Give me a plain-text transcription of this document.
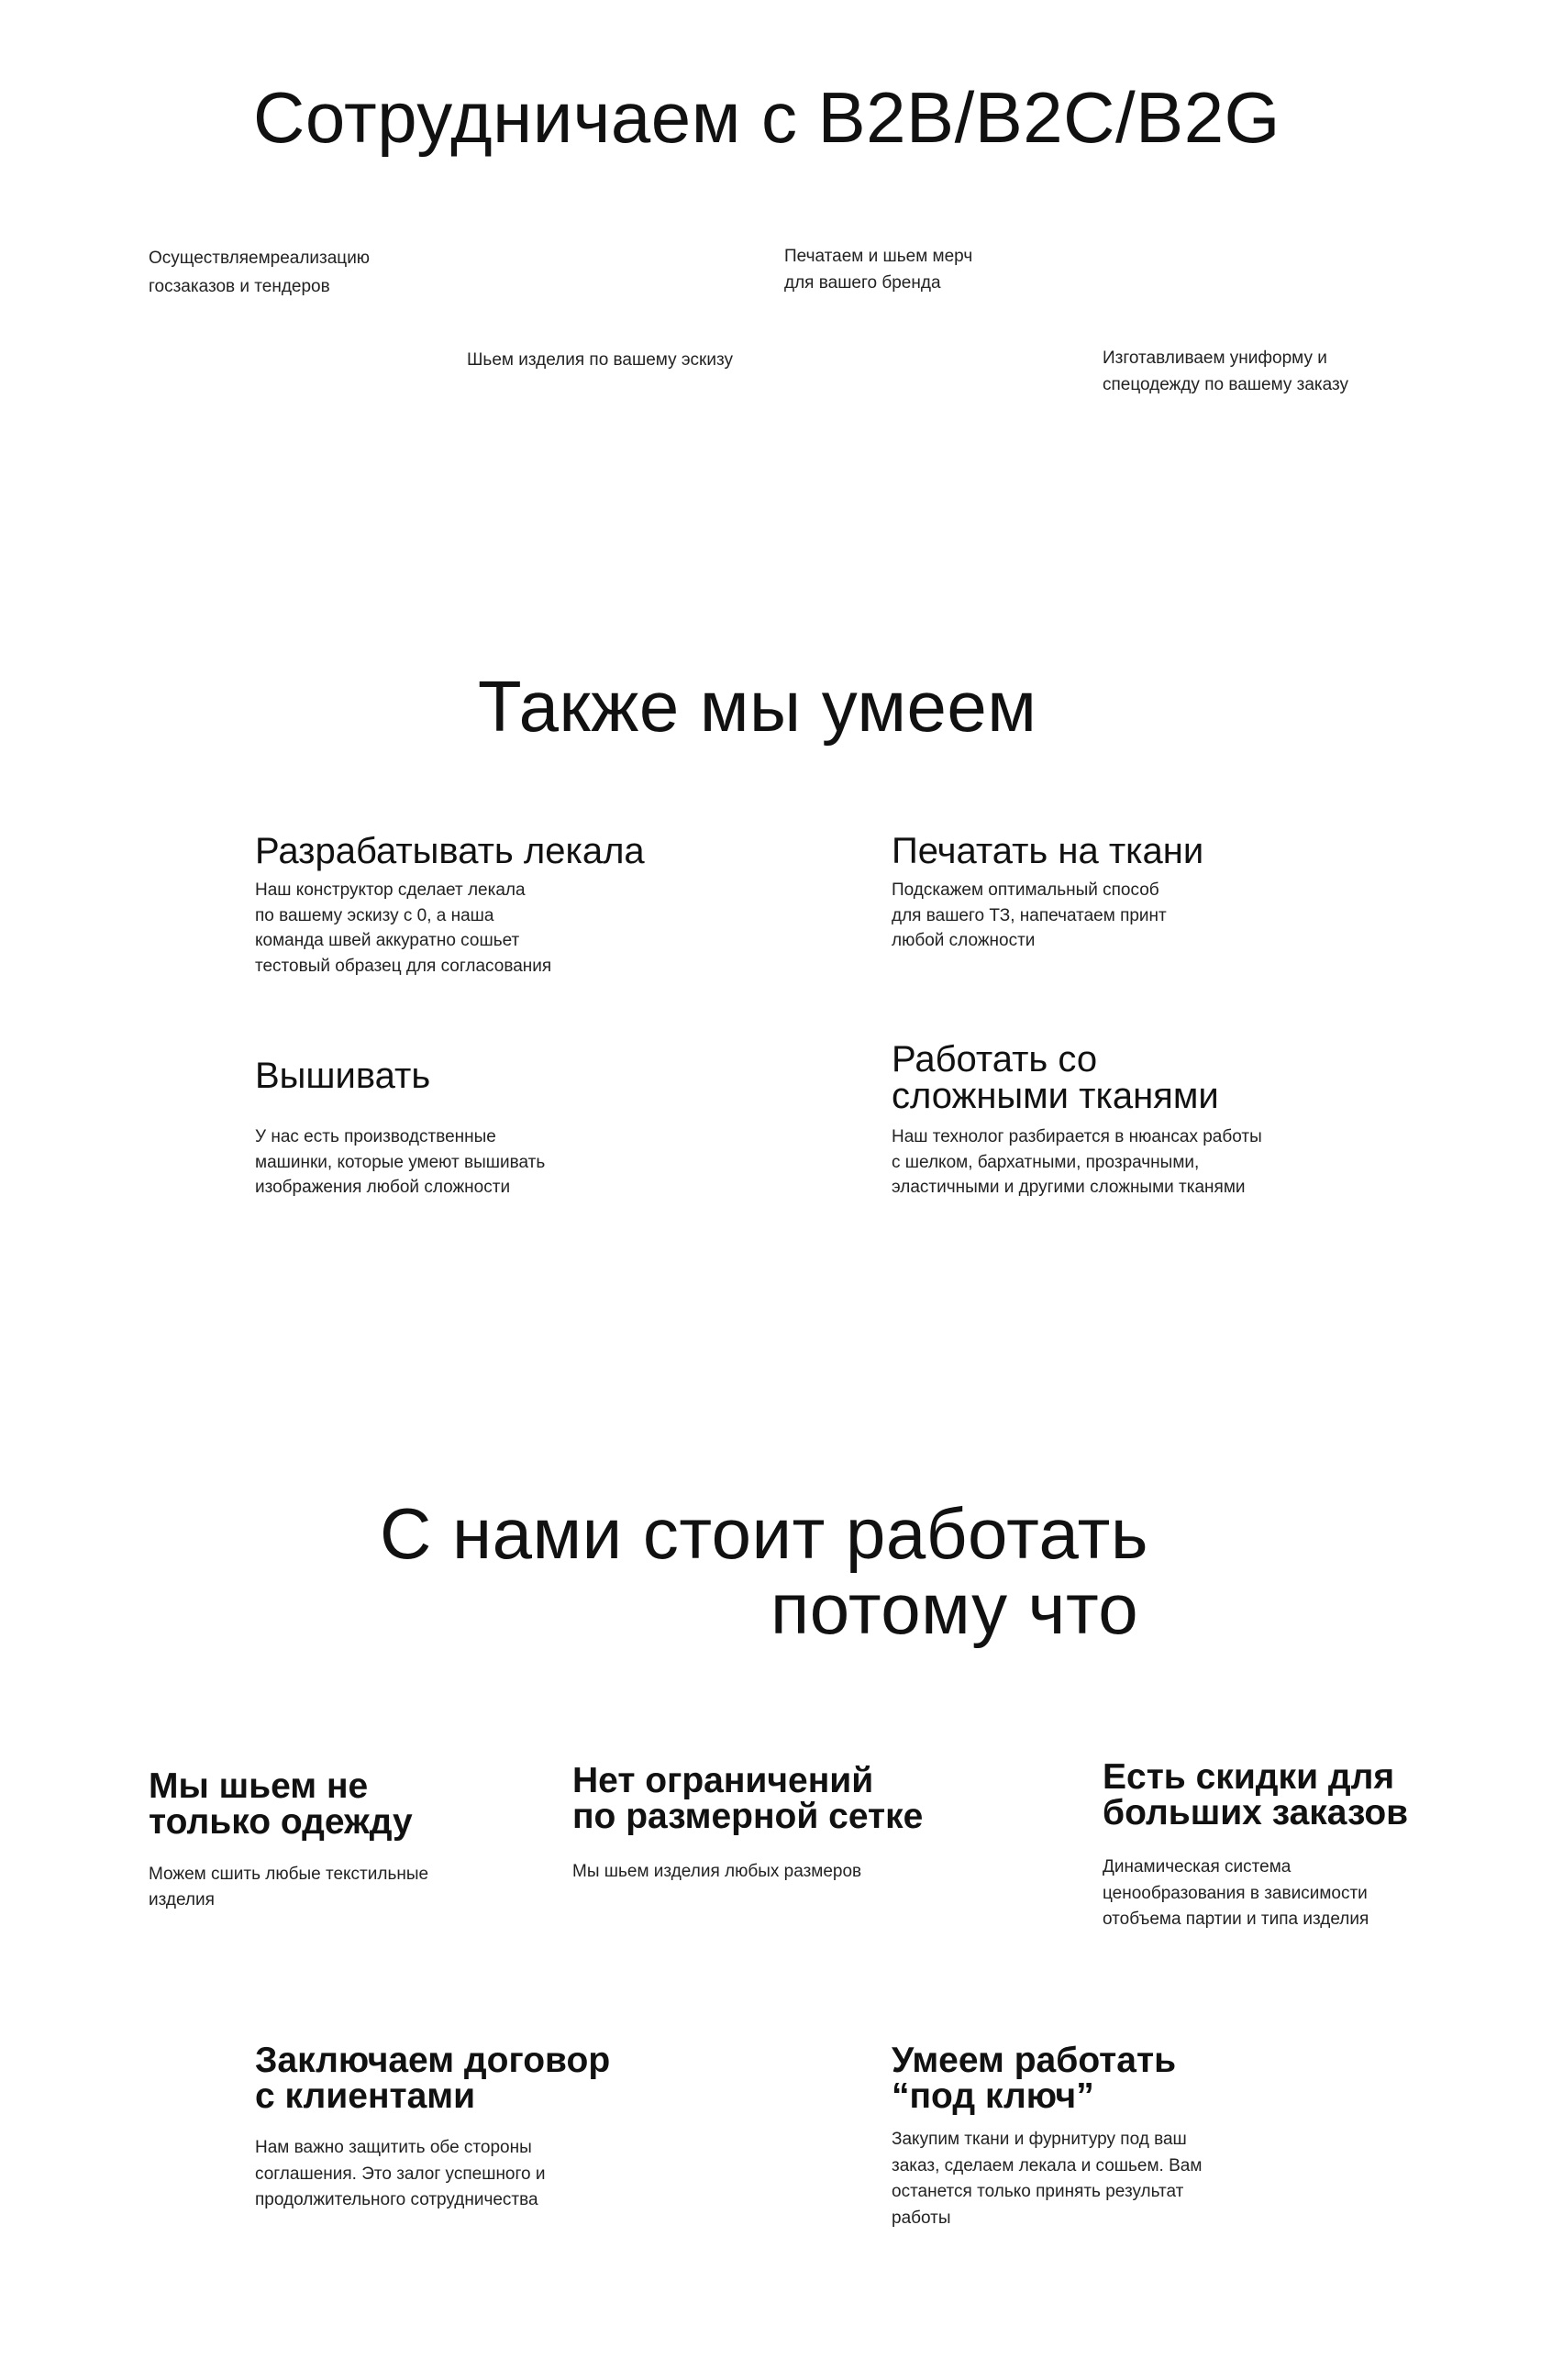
Сотрудничаем с B2B/B2C/B2G
Осуществляемреализацию
госзаказов и тендеров
Печатаем и шьем мерч
для вашего бренда
Шьем изделия по вашему эскизу	Изготавливаем униформу и
спецодежду по вашему заказу
Также мы умеем
Разрабатывать лекала
Наш конструктор сделает лекала
по вашему эскизу с 0, а наша
команда швей аккуратно сошьет
тестовый образец для согласования
Печатать на ткани
Подскажем оптимальный способ
для вашего ТЗ, напечатаем принт
любой сложности
Вышивать
У нас есть производственные
машинки, которые умеют вышивать
изображения любой сложности
Работать со
сложными тканями
Наш технолог разбирается в нюансах работы
с шелком, бархатными, прозрачными,
эластичными и другими сложными тканями
С нами стоит работать
потому что
Мы шьем не
только одежду
Можем сшить любые текстильные
изделия
Нет ограничений
по размерной сетке
Мы шьем изделия любых размеров
Есть скидки для
больших заказов
Динамическая система
ценообразования в зависимости
отобъема партии и типа изделия
Заключаем договор
с клиентами
Нам важно защитить обе стороны
соглашения. Это залог успешного и
продолжительного сотрудничества
Умеем работать
“под ключ”
Закупим ткани и фурнитуру под ваш
заказ, сделаем лекала и сошьем. Вам
останется только принять результат
работы
